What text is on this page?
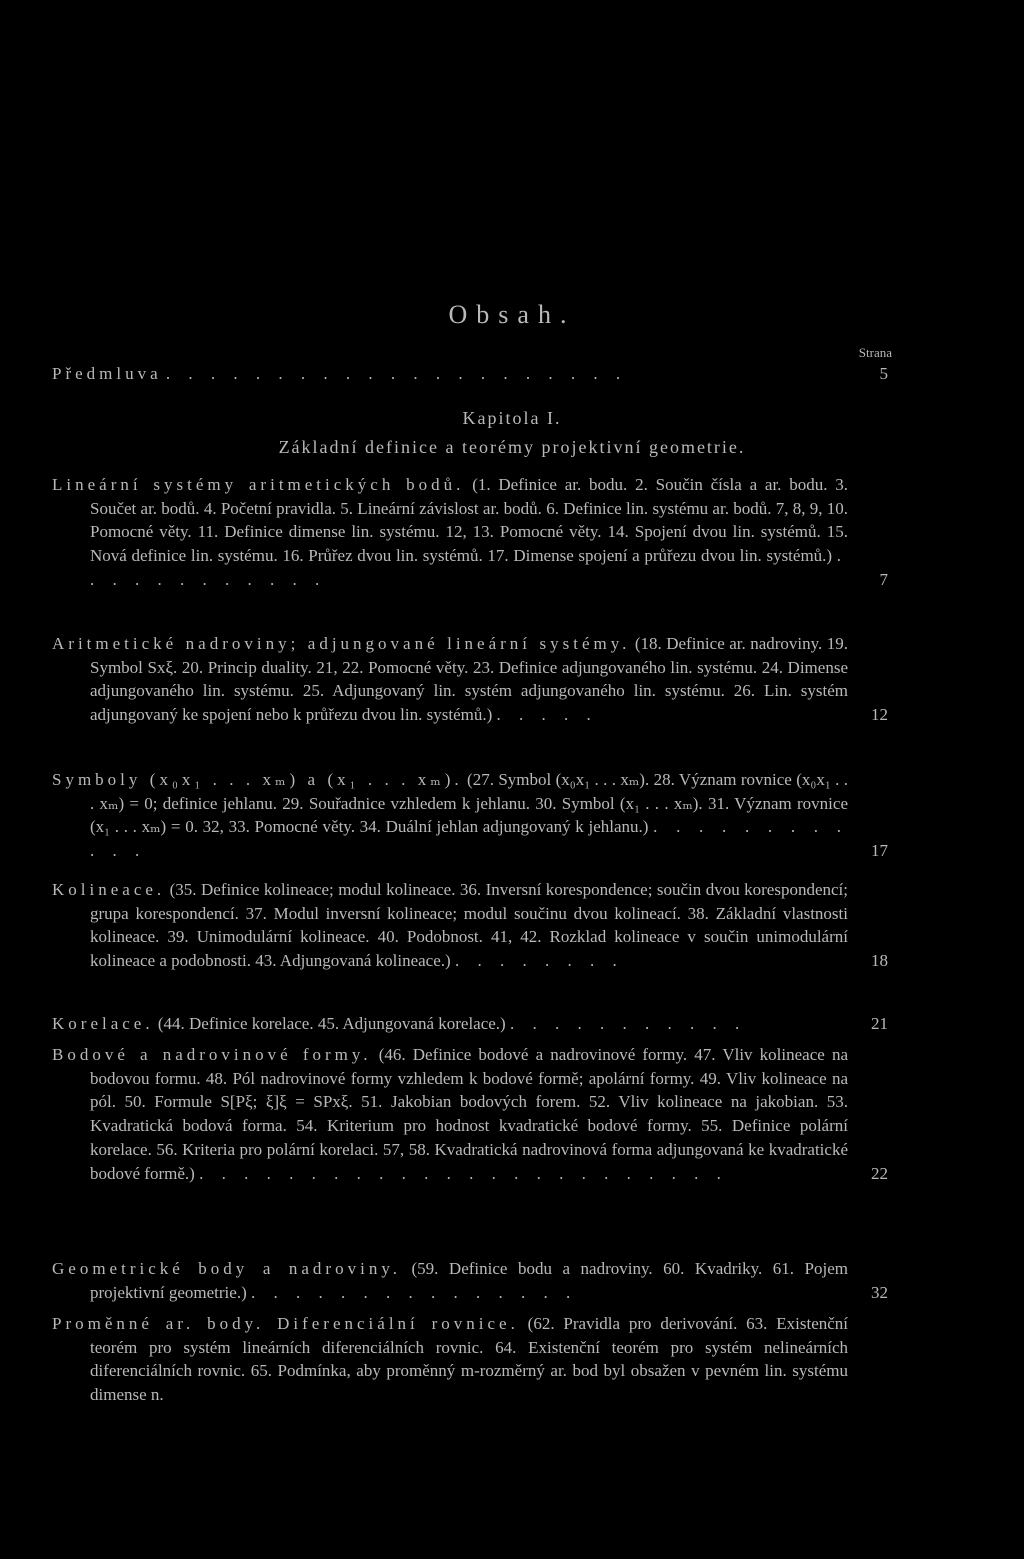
Obsah.
Strana
Předmluva . . . . . . . . . . . . . . . . . . . . .	5
Lineární systémy aritmetických bodů. (1. Definice ar. bodu. 2. Součin čísla a ar. bodu. 3. Součet ar. bodů. 4. Početní pravidla. 5. Lineární závislost ar. bodů. 6. Definice lin. systému ar. bodů. 7, 8, 9, 10. Pomocné věty. 11. Definice dimense lin. systému. 12, 13. Pomocné věty. 14. Spojení dvou lin. systémů. 15. Nová definice lin. systému. 16. Průřez dvou lin. systémů. 17. Dimense spojení a průřezu dvou lin. systémů.) . . . . . . . . . . . .	7
Aritmetické nadroviny; adjungované lineární systémy. (18. Definice ar. nadroviny. 19. Symbol Sxξ. 20. Princip duality. 21, 22. Pomocné věty. 23. Definice adjungovaného lin. systému. 24. Dimense adjungovaného lin. systému. 25. Adjungovaný lin. systém adjungovaného lin. systému. 26. Lin. systém adjungovaný ke spojení nebo k průřezu dvou lin. systémů.) . . . . .	12
Symboly (x₀x₁ . . . xₘ) a (x₁ . . . xₘ). (27. Symbol (x₀x₁ . . . xₘ). 28. Význam rovnice (x₀x₁ . . . xₘ) = 0; definice jehlanu. 29. Souřadnice vzhledem k jehlanu. 30. Symbol (x₁ . . . xₘ). 31. Význam rovnice (x₁ . . . xₘ) = 0. 32, 33. Pomocné věty. 34. Duální jehlan adjungovaný k jehlanu.) . . . . . . . . . . . .	17
Kolineace. (35. Definice kolineace; modul kolineace. 36. Inversní korespondence; součin dvou korespondencí; grupa korespondencí. 37. Modul inversní kolineace; modul součinu dvou kolineací. 38. Základní vlastnosti kolineace. 39. Unimodulární kolineace. 40. Podobnost. 41, 42. Rozklad kolineace v součin unimodulární kolineace a podobnosti. 43. Adjungovaná kolineace.) . . . . . . . .	18
Korelace. (44. Definice korelace. 45. Adjungovaná korelace.) . . . . . . . . . . .	21
Bodové a nadrovinové formy. (46. Definice bodové a nadrovinové formy. 47. Vliv kolineace na bodovou formu. 48. Pól nadrovinové formy vzhledem k bodové formě; apolární formy. 49. Vliv kolineace na pól. 50. Formule S[Pξ; ξ]ξ = SPxξ. 51. Jakobian bodových forem. 52. Vliv kolineace na jakobian. 53. Kvadratická bodová forma. 54. Kriterium pro hodnost kvadratické bodové formy. 55. Definice polární korelace. 56. Kriteria pro polární korelaci. 57, 58. Kvadratická nadrovinová forma adjungovaná ke kvadratické bodové formě.) . . . . . . . . . . . . . . . . . . . . . . . .	22
Geometrické body a nadroviny. (59. Definice bodu a nadroviny. 60. Kvadriky. 61. Pojem projektivní geometrie.) . . . . . . . . . . . . . . .	32
Proměnné ar. body. Diferenciální rovnice. (62. Pravidla pro derivování. 63. Existenční teorém pro systém lineárních diferenciálních rovnic. 64. Existenční teorém pro systém nelineárních diferenciálních rovnic. 65. Podmínka, aby proměnný m-rozměrný ar. bod byl obsažen v pevném lin. systému dimense n.
Kapitola I.
Základní definice a teorémy projektivní geometrie.
